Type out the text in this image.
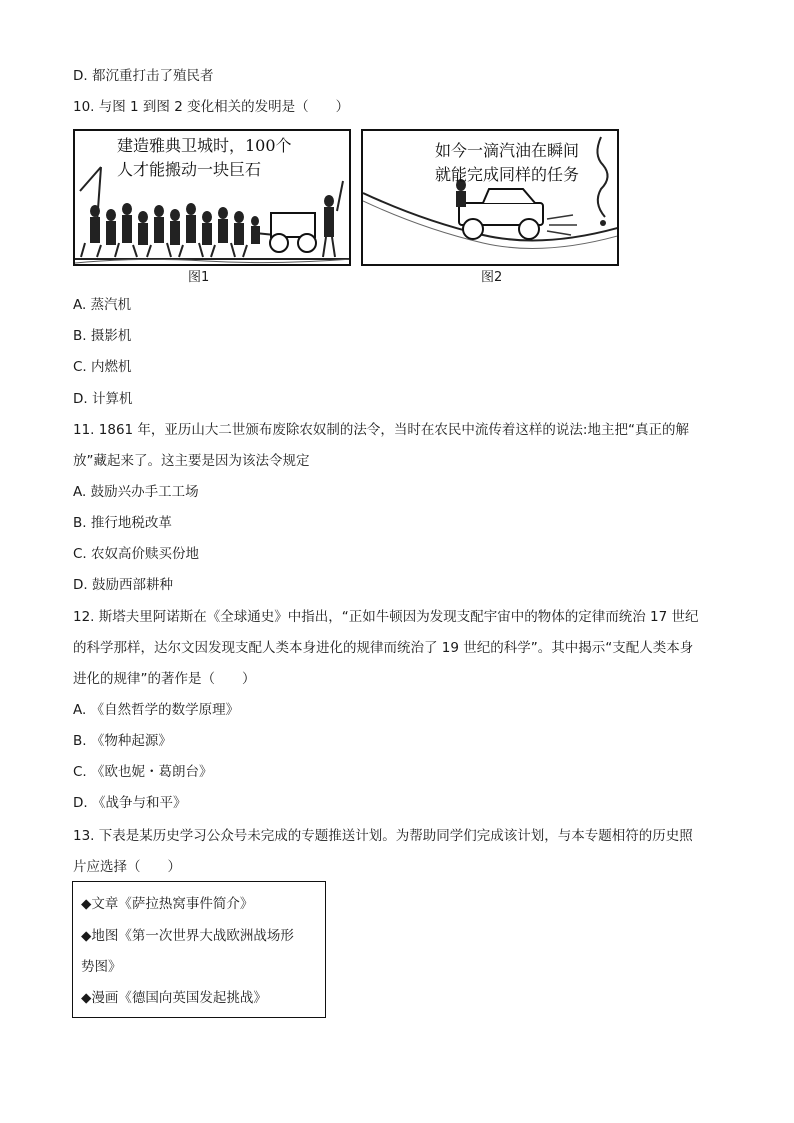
D. 都沉重打击了殖民者
10. 与图 1 到图 2 变化相关的发明是（　　）
建造雅典卫城时，100个
人才能搬动一块巨石
图1
如今一滴汽油在瞬间
就能完成同样的任务
图2
A. 蒸汽机
B. 摄影机
C. 内燃机
D. 计算机
11. 1861 年，亚历山大二世颁布废除农奴制的法令，当时在农民中流传着这样的说法:地主把“真正的解
放”藏起来了。这主要是因为该法令规定
A. 鼓励兴办手工工场
B. 推行地税改革
C. 农奴高价赎买份地
D. 鼓励西部耕种
12. 斯塔夫里阿诺斯在《全球通史》中指出，“正如牛顿因为发现支配宇宙中的物体的定律而统治 17 世纪
的科学那样，达尔文因发现支配人类本身进化的规律而统治了 19 世纪的科学”。其中揭示“支配人类本身
进化的规律”的著作是（　　）
A. 《自然哲学的数学原理》
B. 《物种起源》
C. 《欧也妮・葛朗台》
D. 《战争与和平》
13. 下表是某历史学习公众号未完成的专题推送计划。为帮助同学们完成该计划，与本专题相符的历史照
片应选择（　　）
◆文章《萨拉热窝事件简介》
◆地图《第一次世界大战欧洲战场形
势图》
◆漫画《德国向英国发起挑战》
